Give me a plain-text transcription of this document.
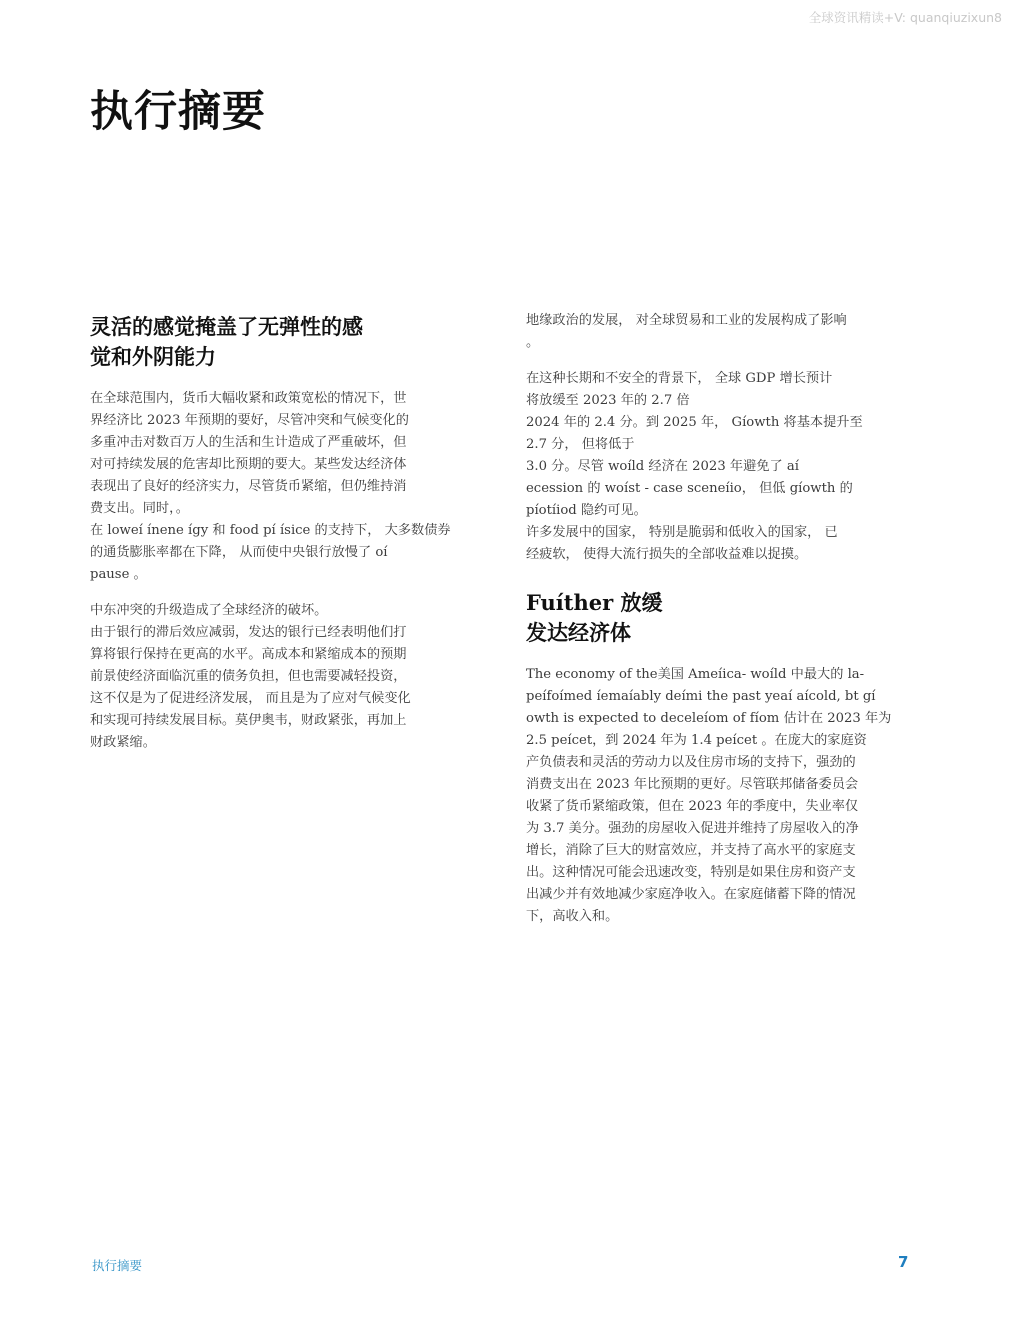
全球资讯精读+V: quanqiuzixun8
执行摘要
灵活的感觉掩盖了无弹性的感
觉和外阴能力

在全球范围内，货币大幅收紧和政策宽松的情况下，世
界经济比 2023 年预期的要好，尽管冲突和气候变化的
多重冲击对数百万人的生活和生计造成了严重破坏，但
对可持续发展的危害却比预期的要大。某些发达经济体
表现出了良好的经济实力，尽管货币紧缩，但仍维持消
费支出。同时，。
在 loweí ínene így 和 food pí ísice 的支持下， 大多数债券
的通货膨胀率都在下降， 从而使中央银行放慢了 oí
pause 。

中东冲突的升级造成了全球经济的破坏。
由于银行的滞后效应减弱，发达的银行已经表明他们打
算将银行保持在更高的水平。高成本和紧缩成本的预期
前景使经济面临沉重的债务负担，但也需要减轻投资，
这不仅是为了促进经济发展， 而且是为了应对气候变化
和实现可持续发展目标。莫伊奥韦，财政紧张，再加上
财政紧缩。

地缘政治的发展， 对全球贸易和工业的发展构成了影响
。

在这种长期和不安全的背景下， 全球 GDP 增长预计
将放缓至 2023 年的 2.7 倍
2024 年的 2.4 分。到 2025 年， Gíowth 将基本提升至
2.7 分， 但将低于
3.0 分。尽管 woíld 经济在 2023 年避免了 aí
ecession 的 woíst - case sceneíio， 但低 gíowth 的
píotíiod 隐约可见。
许多发展中的国家， 特别是脆弱和低收入的国家， 已
经疲软， 使得大流行损失的全部收益难以捉摸。

Fuíther 放缓
发达经济体

The economy of the美国 Ameíica- woíld 中最大的 la-
peífoímed íemaíably deími the past yeaí aícold, bt gí
owth is expected to deceleíom of fíom 估计在 2023 年为
2.5 peícet，到 2024 年为 1.4 peícet 。在庞大的家庭资
产负债表和灵活的劳动力以及住房市场的支持下，强劲的
消费支出在 2023 年比预期的更好。尽管联邦储备委员会
收紧了货币紧缩政策，但在 2023 年的季度中，失业率仅
为 3.7 美分。强劲的房屋收入促进并维持了房屋收入的净
增长，消除了巨大的财富效应，并支持了高水平的家庭支
出。这种情况可能会迅速改变，特别是如果住房和资产支
出减少并有效地减少家庭净收入。在家庭储蓄下降的情况
下，高收入和。

执行摘要	7
